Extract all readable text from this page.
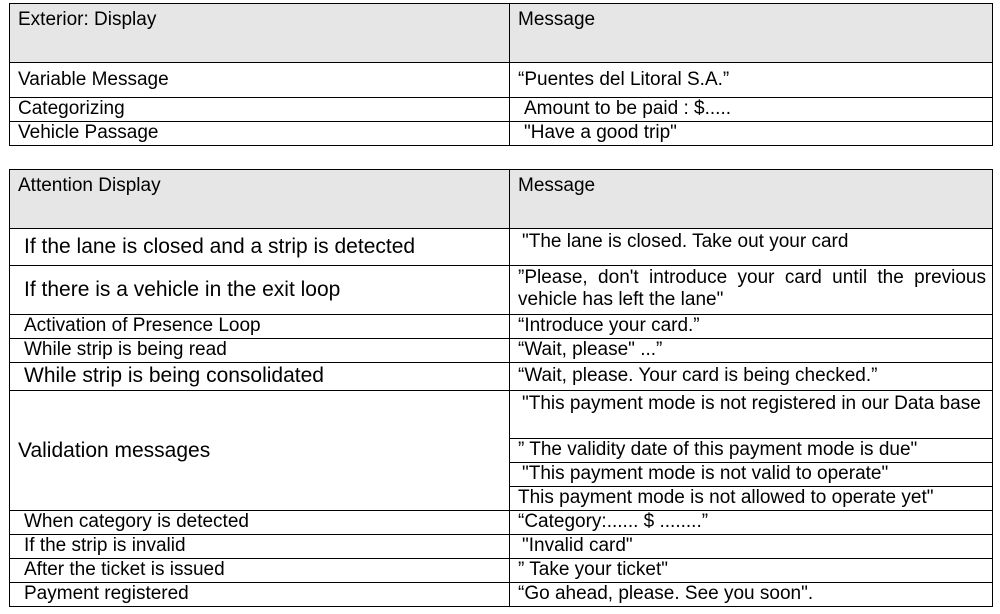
Exterior: Display	Message
Variable Message	“Puentes del Litoral S.A.”
Categorizing	Amount to be paid : $.....
Vehicle Passage	"Have a good trip"
Attention Display	Message
If the lane is closed and a strip is detected	"The lane is closed. Take out your card
If there is a vehicle in the exit loop	”Please, don't introduce your card until the previous vehicle has left the lane"
Activation of Presence Loop	“Introduce your card.”
While strip is being read	“Wait, please" ...”
While strip is being consolidated	“Wait, please. Your card is being checked.”
Validation messages	"This payment mode is not registered in our Data base
	” The validity date of this payment mode is due"
	"This payment mode is not valid to operate"
	This payment mode is not allowed to operate yet"
When category is detected	“Category:...... $ ........”
If the strip is invalid	"Invalid card"
After the ticket is issued	” Take your ticket"
Payment registered	“Go ahead, please. See you soon".
